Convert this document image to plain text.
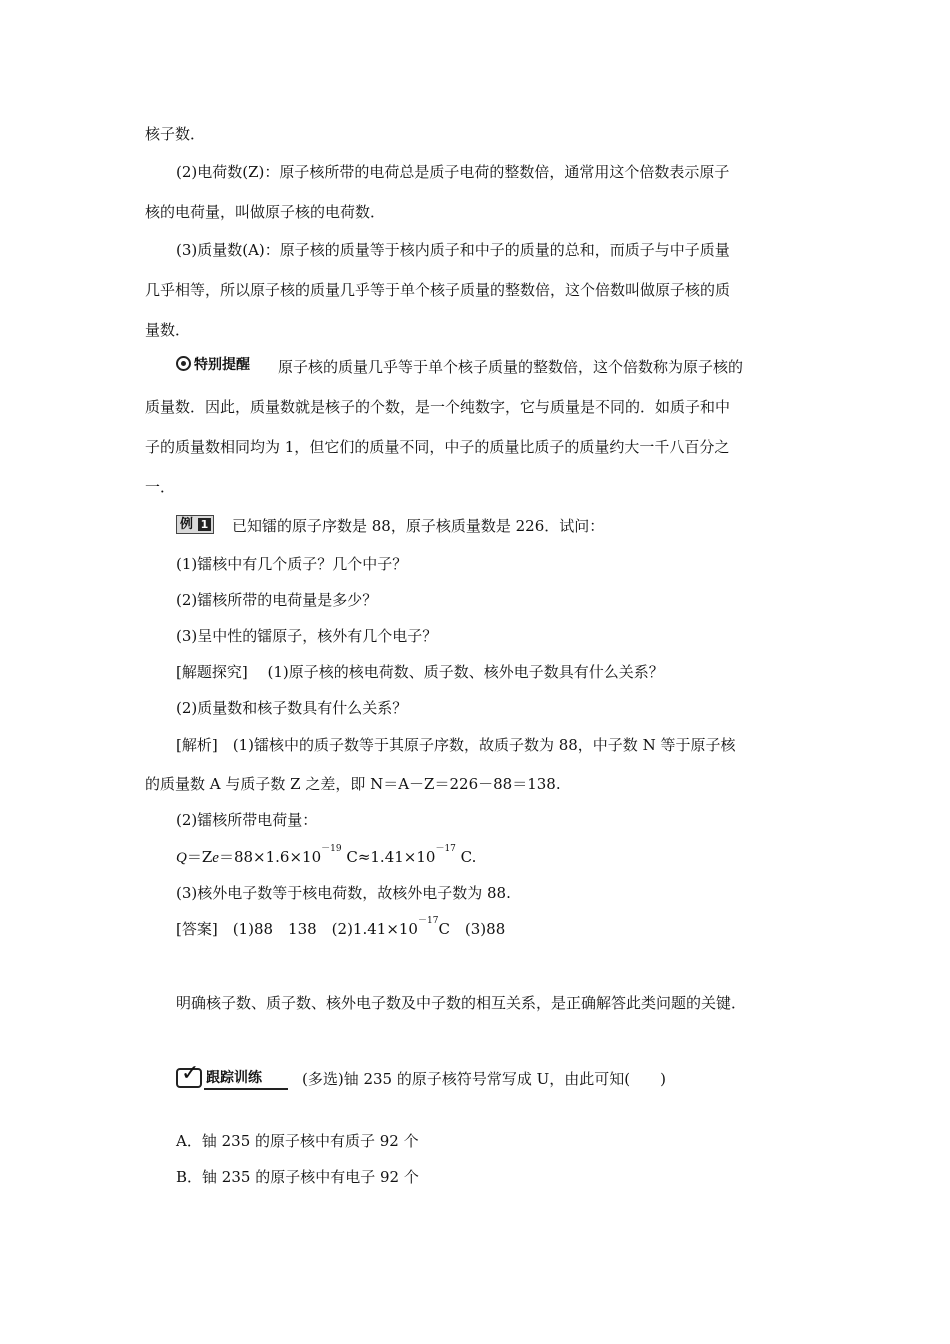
核子数．
(2)电荷数(Z)：原子核所带的电荷总是质子电荷的整数倍，通常用这个倍数表示原子
核的电荷量，叫做原子核的电荷数．
(3)质量数(A)：原子核的质量等于核内质子和中子的质量的总和，而质子与中子质量
几乎相等，所以原子核的质量几乎等于单个核子质量的整数倍，这个倍数叫做原子核的质
量数．
特别提醒 原子核的质量几乎等于单个核子质量的整数倍，这个倍数称为原子核的
质量数．因此，质量数就是核子的个数，是一个纯数字，它与质量是不同的．如质子和中
子的质量数相同均为 1，但它们的质量不同，中子的质量比质子的质量约大一千八百分之
一．
例 1 已知镭的原子序数是 88，原子核质量数是 226．试问：
(1)镭核中有几个质子？几个中子？
(2)镭核所带的电荷量是多少？
(3)呈中性的镭原子，核外有几个电子？
[解题探究]　 (1)原子核的核电荷数、质子数、核外电子数具有什么关系？
(2)质量数和核子数具有什么关系？
[解析]　(1)镭核中的质子数等于其原子序数，故质子数为 88，中子数 N 等于原子核
的质量数 A 与质子数 Z 之差，即 N＝A－Z＝226－88＝138.
(2)镭核所带电荷量：
$Q=Ze=88\times 1.6\times 10^{-19}$ $C\approx 1.41\times 10^{-17}$ C.
(3)核外电子数等于核电荷数，故核外电子数为 88.
[答案]　(1)88　138　$(2)1.41\times 10^{-17}C$　(3)88
明确核子数、质子数、核外电子数及中子数的相互关系，是正确解答此类问题的关键．
✓ 跟踪训练	(多选)铀 235 的原子核符号常写成 U，由此可知(　　)
A．铀 235 的原子核中有质子 92 个
B．铀 235 的原子核中有电子 92 个
